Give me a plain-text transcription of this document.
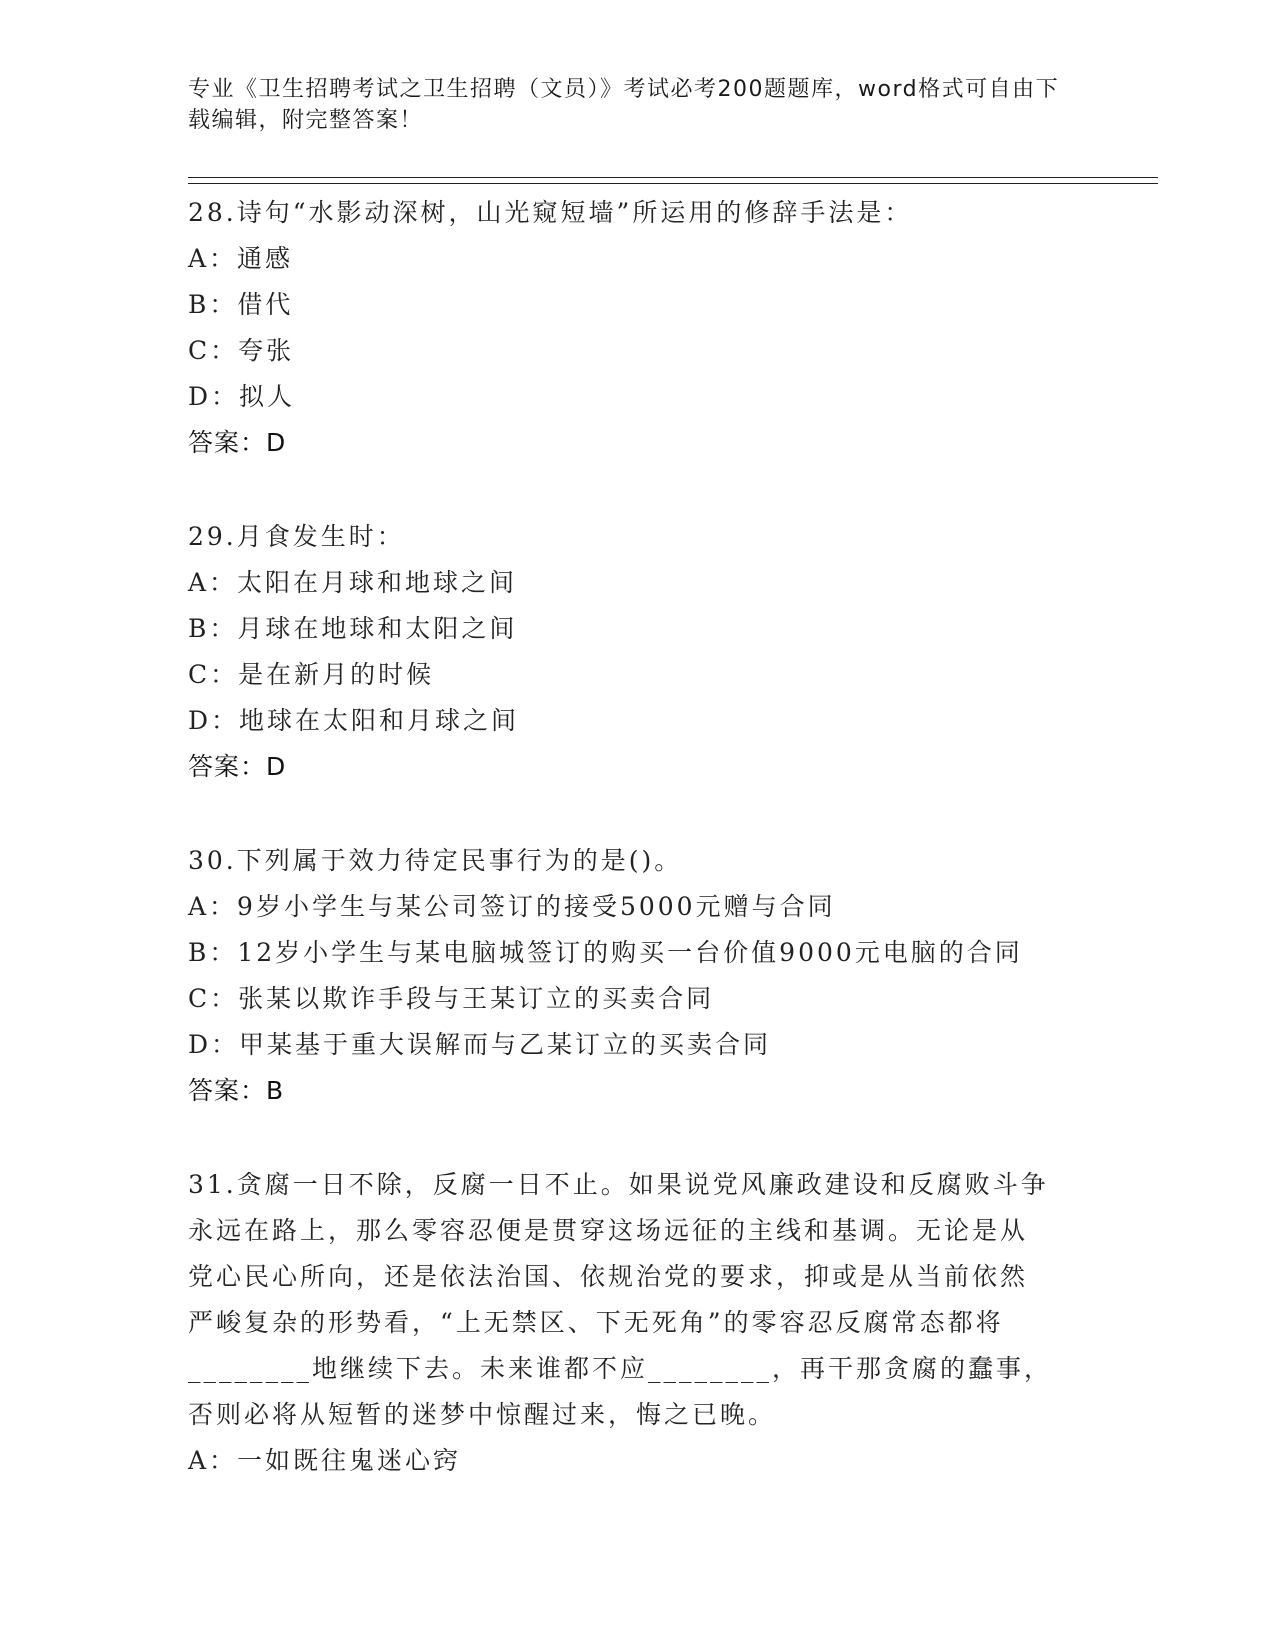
专业《卫生招聘考试之卫生招聘（文员）》考试必考200题题库，word格式可自由下载编辑，附完整答案！
28.诗句“水影动深树，山光窥短墙”所运用的修辞手法是：
A：通感
B：借代
C：夸张
D：拟人
答案：D
29.月食发生时：
A：太阳在月球和地球之间
B：月球在地球和太阳之间
C：是在新月的时候
D：地球在太阳和月球之间
答案：D
30.下列属于效力待定民事行为的是()。
A：9岁小学生与某公司签订的接受5000元赠与合同
B：12岁小学生与某电脑城签订的购买一台价值9000元电脑的合同
C：张某以欺诈手段与王某订立的买卖合同
D：甲某基于重大误解而与乙某订立的买卖合同
答案：B
31.贪腐一日不除，反腐一日不止。如果说党风廉政建设和反腐败斗争
永远在路上，那么零容忍便是贯穿这场远征的主线和基调。无论是从
党心民心所向，还是依法治国、依规治党的要求，抑或是从当前依然
严峻复杂的形势看，“上无禁区、下无死角”的零容忍反腐常态都将
________地继续下去。未来谁都不应________，再干那贪腐的蠢事，
否则必将从短暂的迷梦中惊醒过来，悔之已晚。
A：一如既往鬼迷心窍
